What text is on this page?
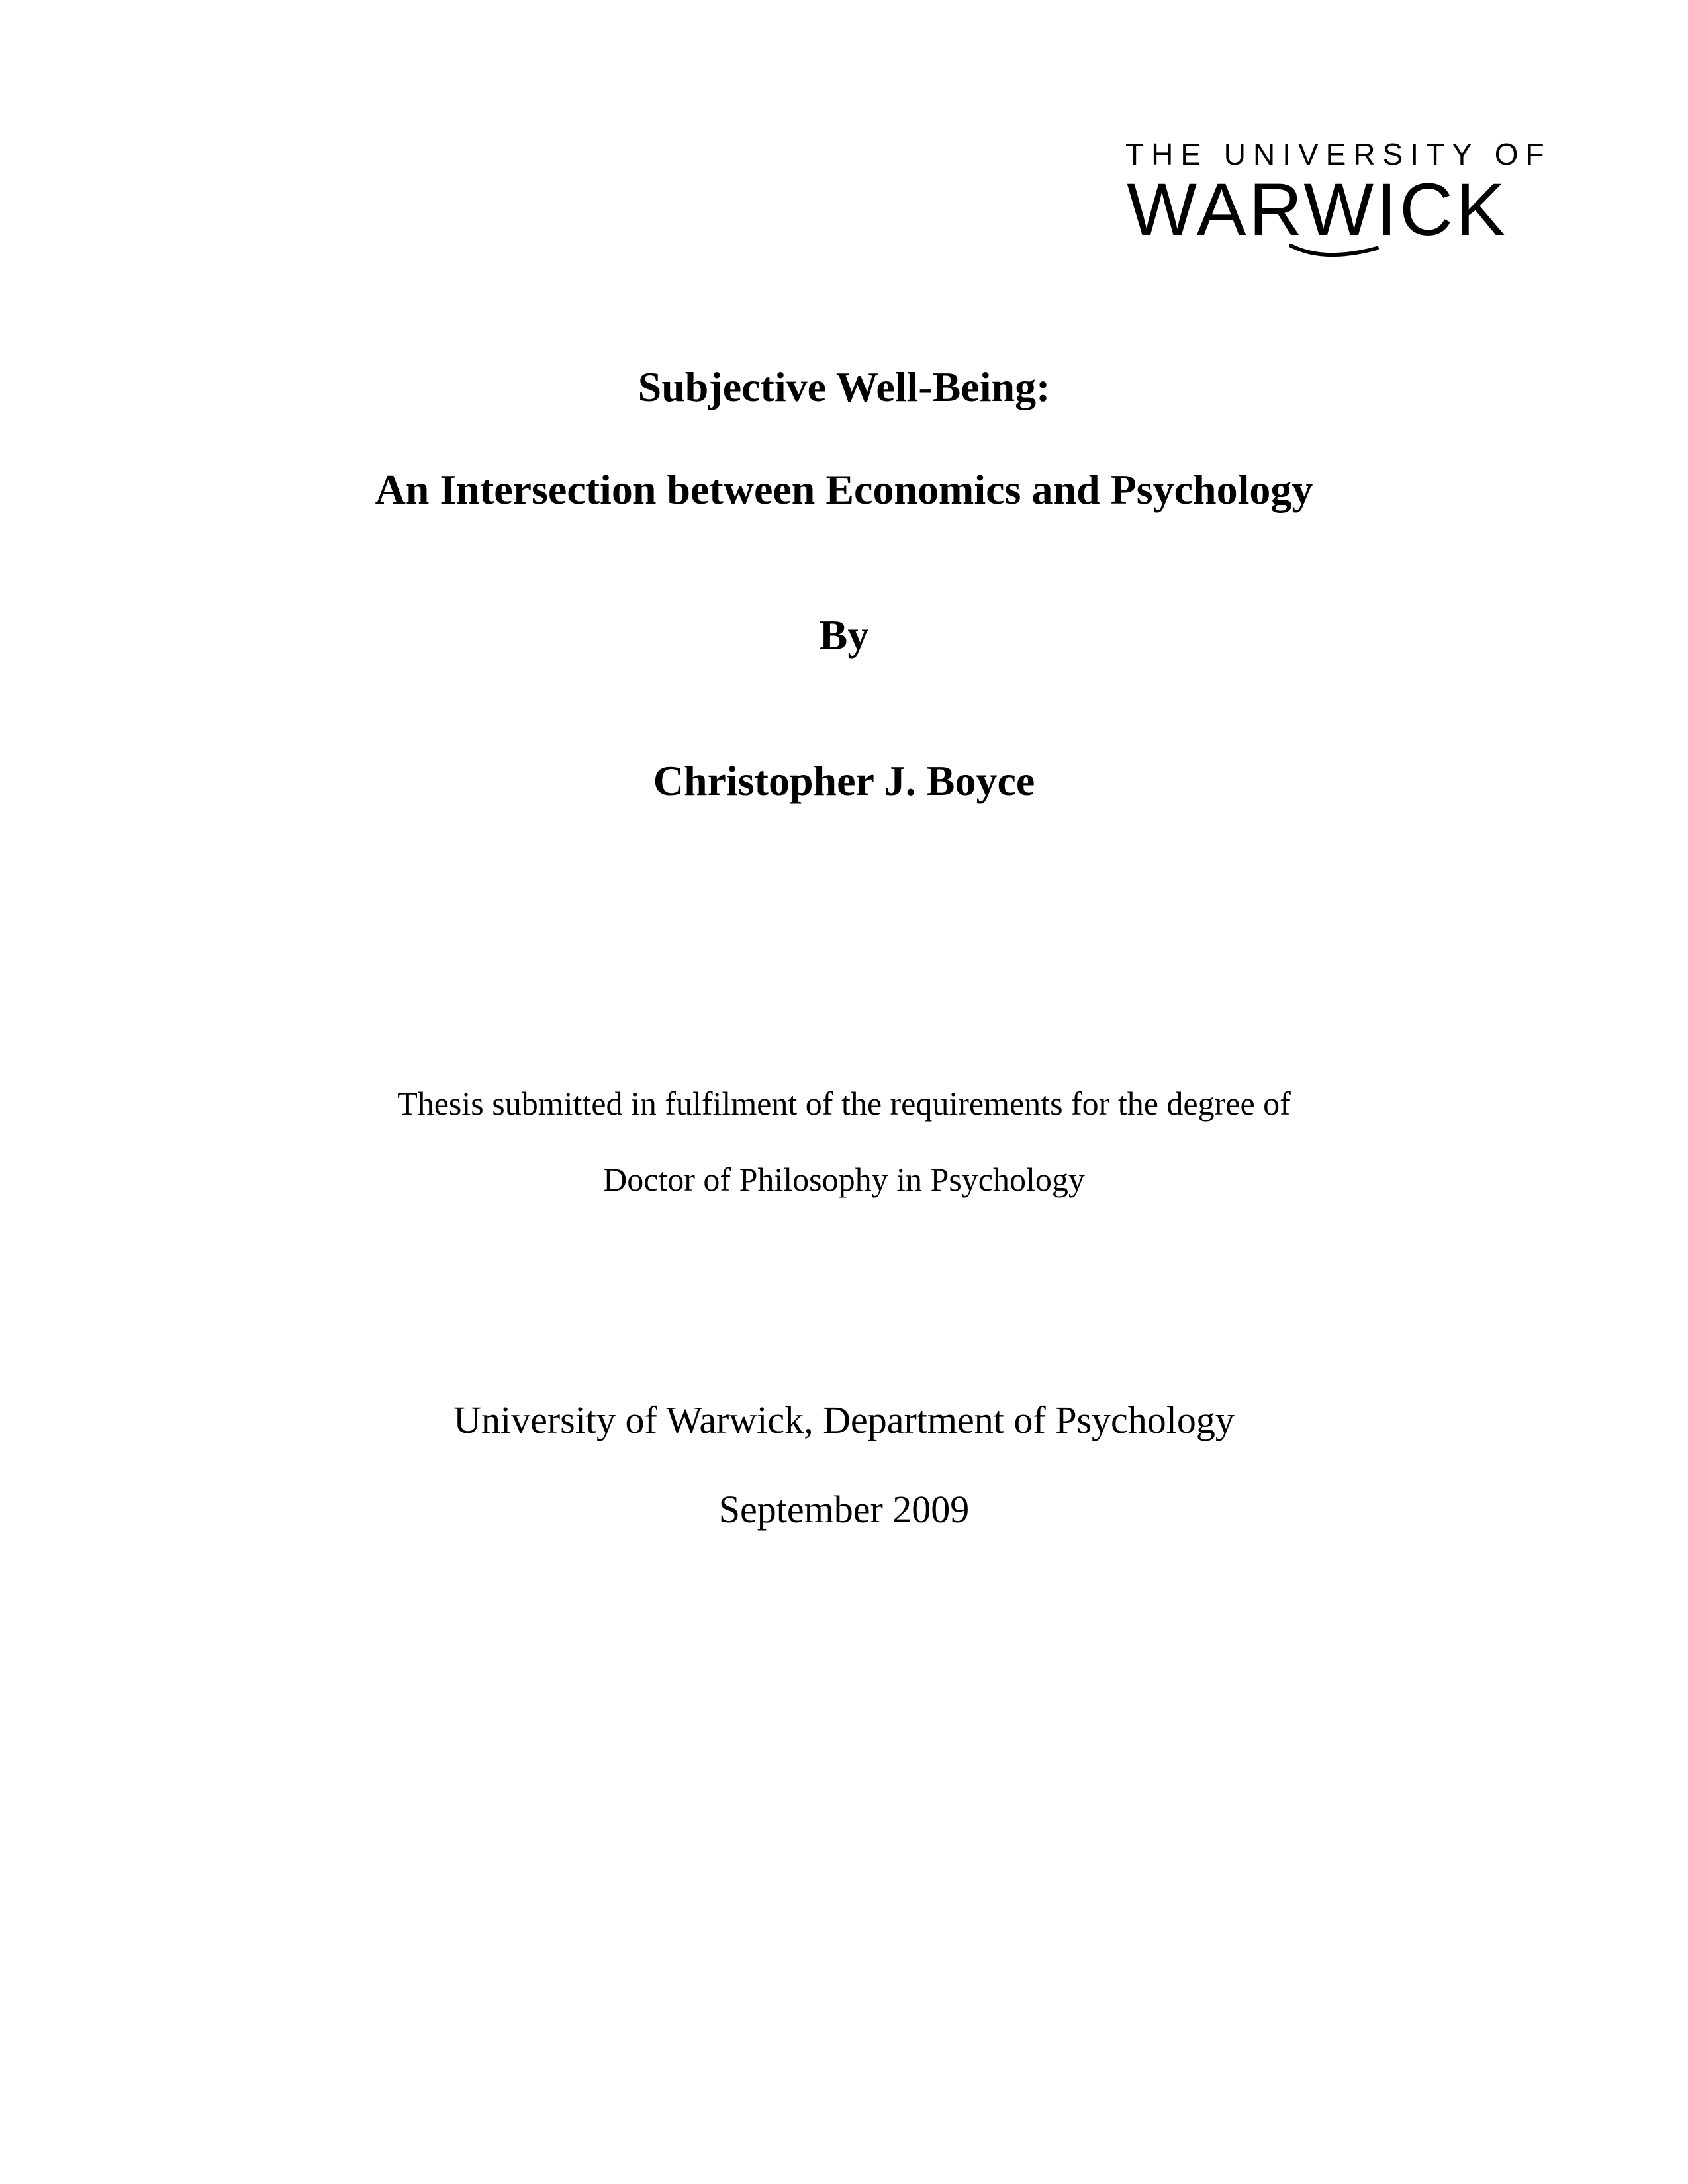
THE UNIVERSITY OF
WARWICK
Subjective Well-Being:
An Intersection between Economics and Psychology
By
Christopher J. Boyce
Thesis submitted in fulfilment of the requirements for the degree of
Doctor of Philosophy in Psychology
University of Warwick, Department of Psychology
September 2009
